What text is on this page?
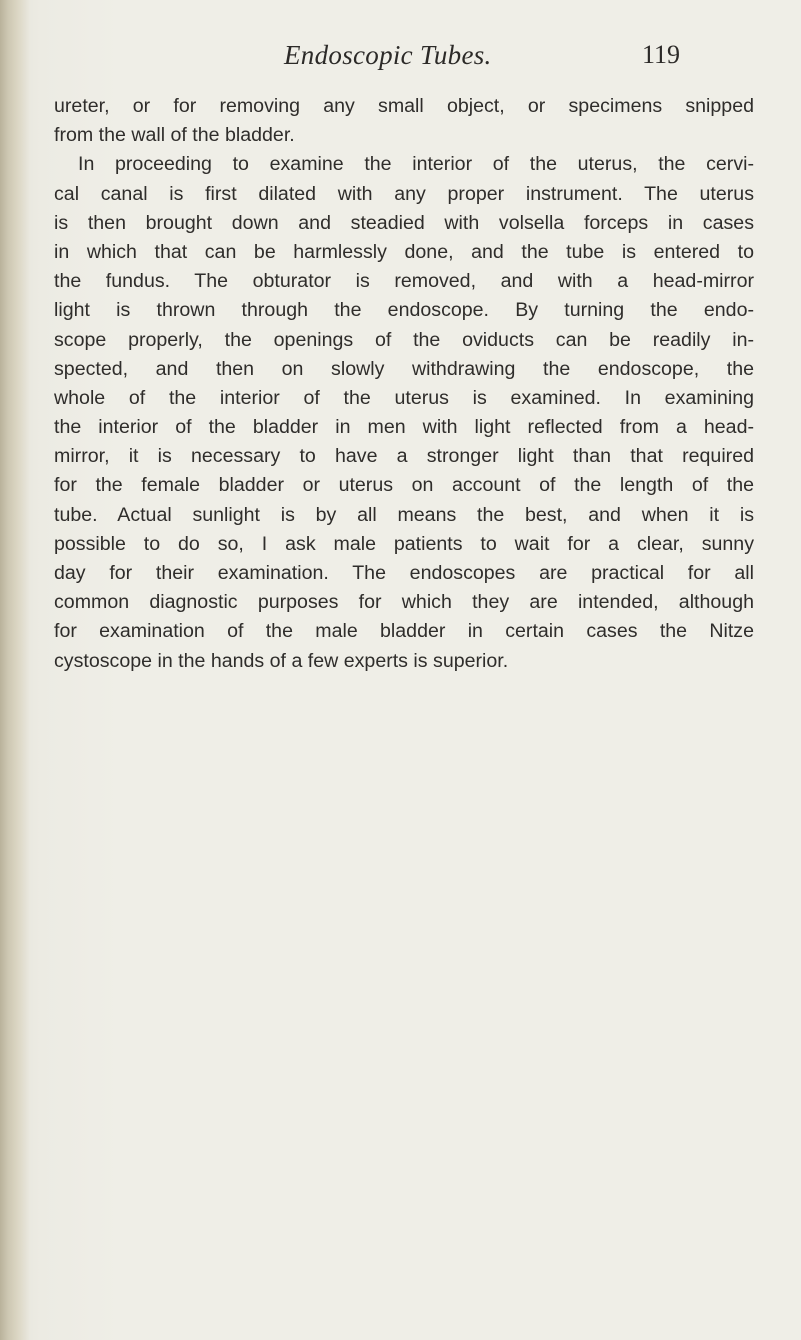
Endoscopic Tubes.	119
ureter, or for removing any small object, or specimens snipped
from the wall of the bladder.
In proceeding to examine the interior of the uterus, the cervi-
cal canal is first dilated with any proper instrument. The uterus
is then brought down and steadied with volsella forceps in cases
in which that can be harmlessly done, and the tube is entered to
the fundus. The obturator is removed, and with a head-mirror
light is thrown through the endoscope. By turning the endo-
scope properly, the openings of the oviducts can be readily in-
spected, and then on slowly withdrawing the endoscope, the
whole of the interior of the uterus is examined. In examining
the interior of the bladder in men with light reflected from a head-
mirror, it is necessary to have a stronger light than that required
for the female bladder or uterus on account of the length of the
tube. Actual sunlight is by all means the best, and when it is
possible to do so, I ask male patients to wait for a clear, sunny
day for their examination. The endoscopes are practical for all
common diagnostic purposes for which they are intended, although
for examination of the male bladder in certain cases the Nitze
cystoscope in the hands of a few experts is superior.
